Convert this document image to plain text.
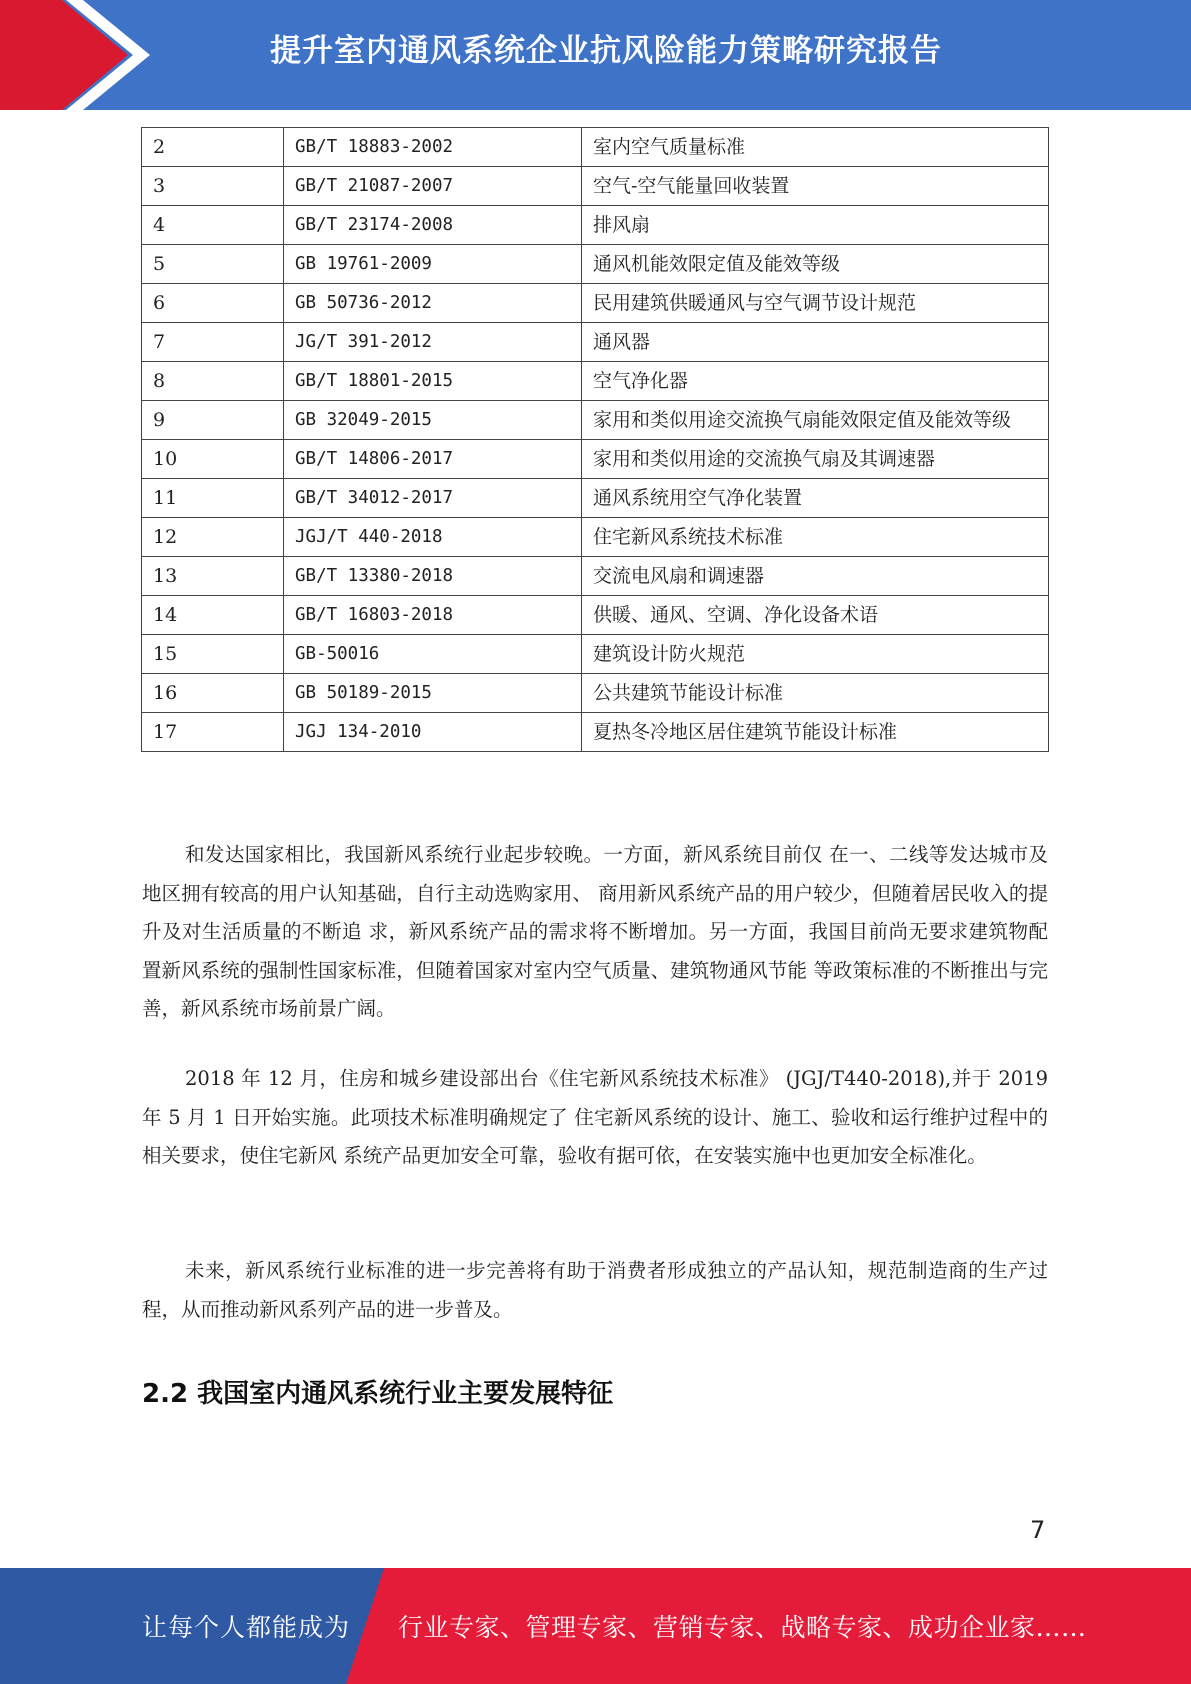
提升室内通风系统企业抗风险能力策略研究报告
2	GB/T 18883-2002	室内空气质量标准
3	GB/T 21087-2007	空气-空气能量回收装置
4	GB/T 23174-2008	排风扇
5	GB 19761-2009	通风机能效限定值及能效等级
6	GB 50736-2012	民用建筑供暖通风与空气调节设计规范
7	JG/T 391-2012	通风器
8	GB/T 18801-2015	空气净化器
9	GB 32049-2015	家用和类似用途交流换气扇能效限定值及能效等级
10	GB/T 14806-2017	家用和类似用途的交流换气扇及其调速器
11	GB/T 34012-2017	通风系统用空气净化装置
12	JGJ/T 440-2018	住宅新风系统技术标准
13	GB/T 13380-2018	交流电风扇和调速器
14	GB/T 16803-2018	供暖、通风、空调、净化设备术语
15	GB-50016	建筑设计防火规范
16	GB 50189-2015	公共建筑节能设计标准
17	JGJ 134-2010	夏热冬冷地区居住建筑节能设计标准

和发达国家相比，我国新风系统行业起步较晚。一方面，新风系统目前仅 在一、二线等发达城市及地区拥有较高的用户认知基础，自行主动选购家用、 商用新风系统产品的用户较少，但随着居民收入的提升及对生活质量的不断追 求，新风系统产品的需求将不断增加。另一方面，我国目前尚无要求建筑物配 置新风系统的强制性国家标准，但随着国家对室内空气质量、建筑物通风节能 等政策标准的不断推出与完善，新风系统市场前景广阔。

2018 年 12 月，住房和城乡建设部出台《住宅新风系统技术标准》 (JGJ/T440-2018),并于 2019 年 5 月 1 日开始实施。此项技术标准明确规定了 住宅新风系统的设计、施工、验收和运行维护过程中的相关要求，使住宅新风 系统产品更加安全可靠，验收有据可依，在安装实施中也更加安全标准化。

未来，新风系统行业标准的进一步完善将有助于消费者形成独立的产品认知，规范制造商的生产过程，从而推动新风系列产品的进一步普及。

2.2 我国室内通风系统行业主要发展特征
7
让每个人都能成为 行业专家、管理专家、营销专家、战略专家、成功企业家……
